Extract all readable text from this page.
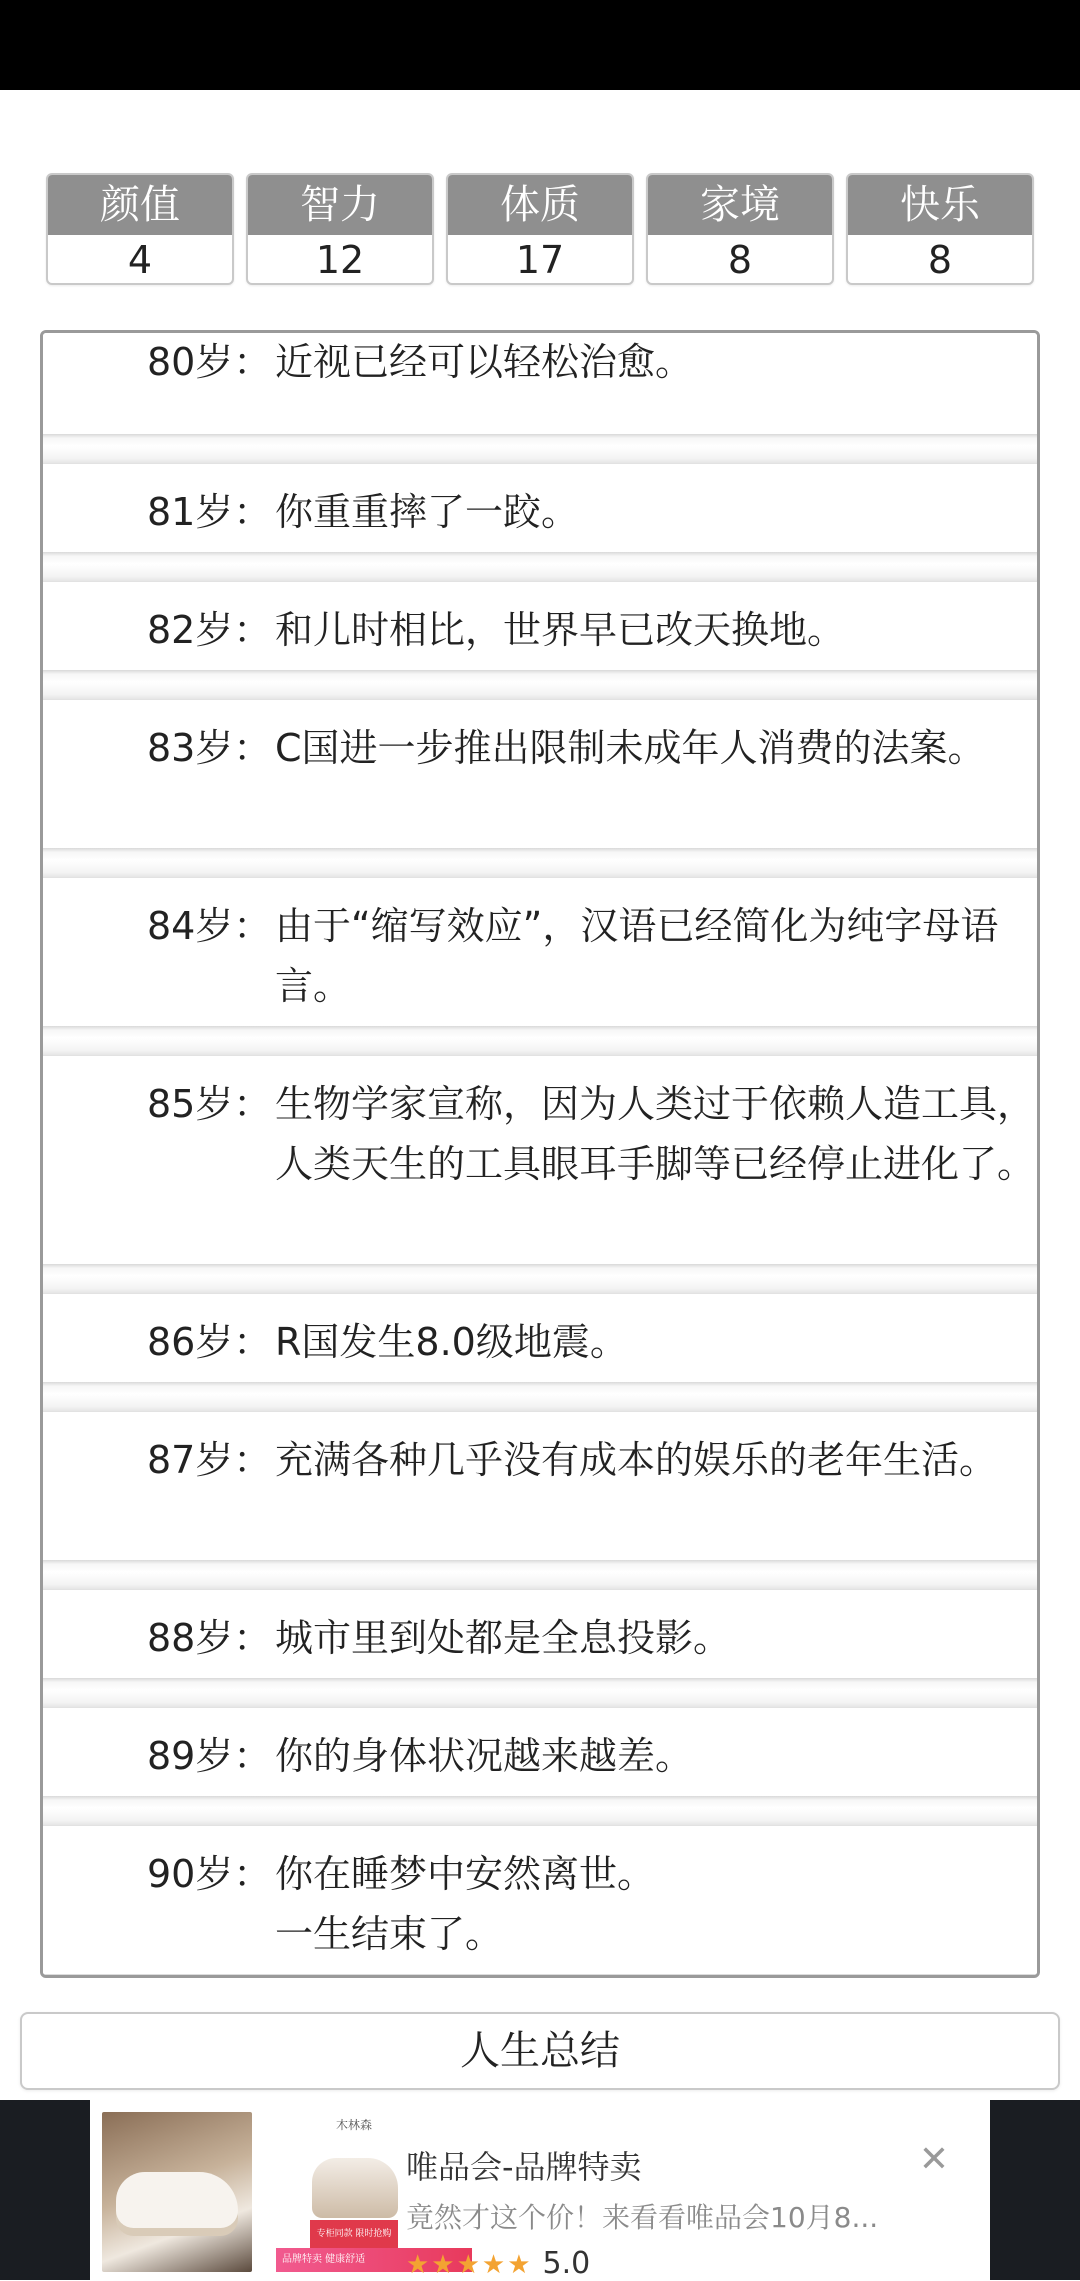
颜值
4
智力
12
体质
17
家境
8
快乐
8
80岁： 近视已经可以轻松治愈。
81岁： 你重重摔了一跤。
82岁： 和儿时相比，世界早已改天换地。
83岁： C国进一步推出限制未成年人消费的法案。
84岁： 由于“缩写效应”，汉语已经简化为纯字母语言。
85岁： 生物学家宣称，因为人类过于依赖人造工具，人类天生的工具眼耳手脚等已经停止进化了。
86岁： R国发生8.0级地震。
87岁： 充满各种几乎没有成本的娱乐的老年生活。
88岁： 城市里到处都是全息投影。
89岁： 你的身体状况越来越差。
90岁： 你在睡梦中安然离世。
一生结束了。
人生总结
木林森
专柜同款 限时抢购
品牌特卖 健康舒适
唯品会-品牌特卖
竟然才这个价！来看看唯品会10月8...
★★★★★ 5.0
✕
